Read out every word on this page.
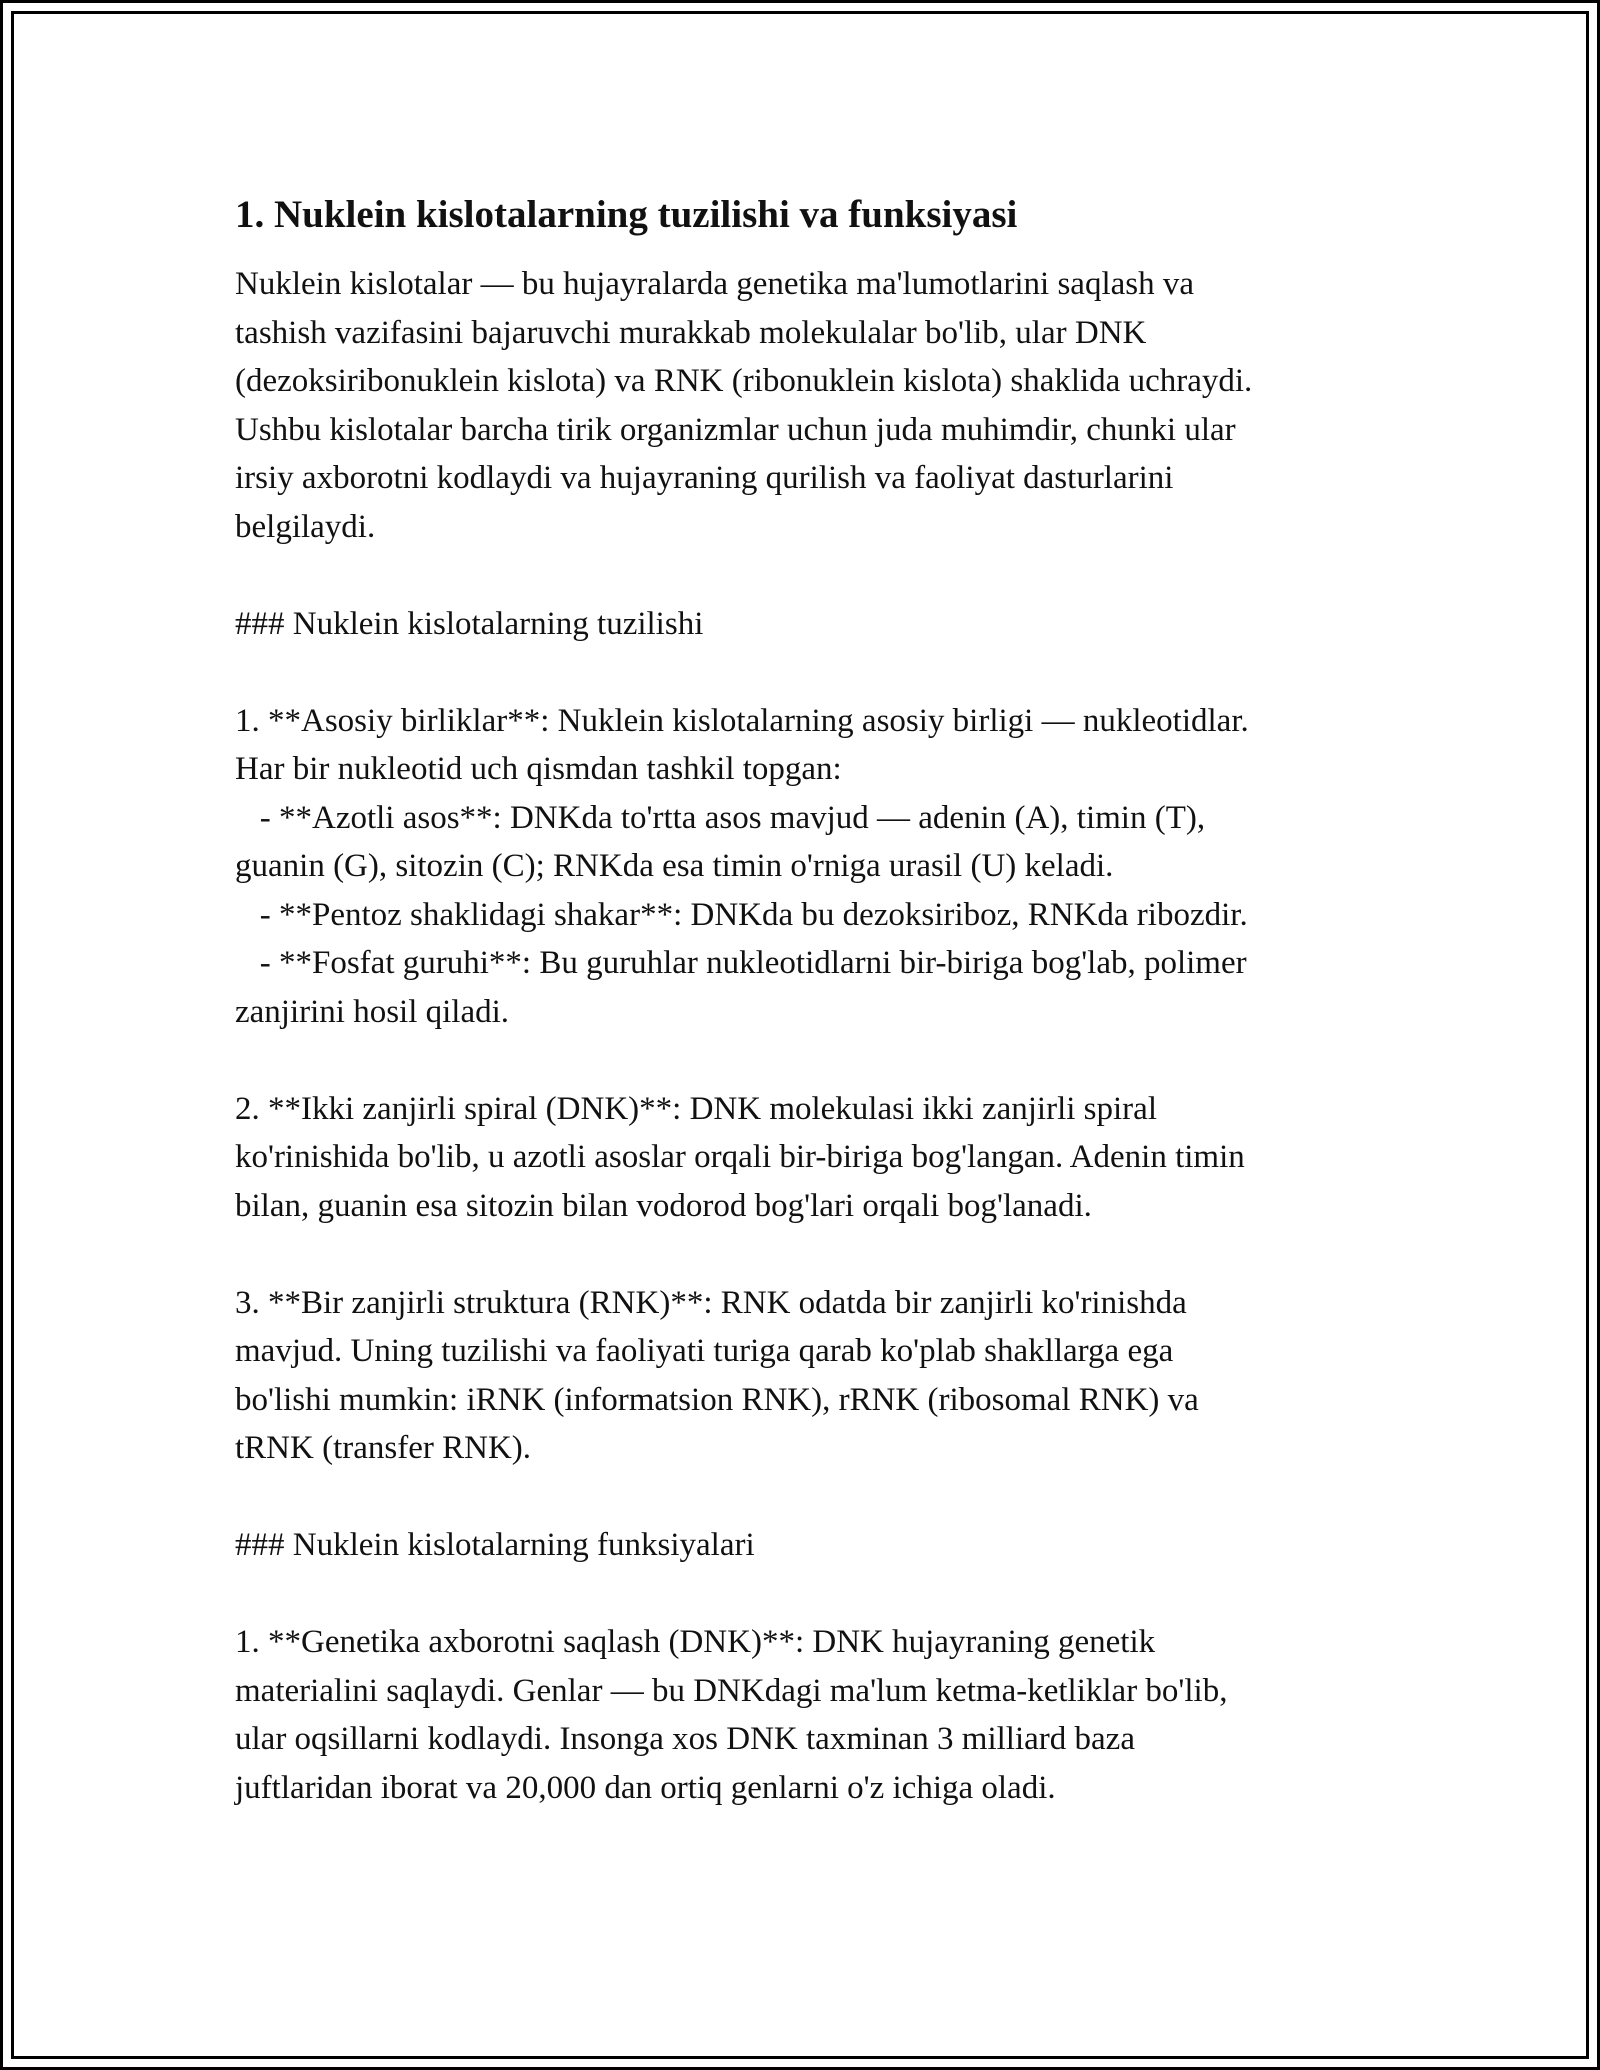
1. Nuklein kislotalarning tuzilishi va funksiyasi

Nuklein kislotalar — bu hujayralarda genetika ma'lumotlarini saqlash va
tashish vazifasini bajaruvchi murakkab molekulalar bo'lib, ular DNK
(dezoksiribonuklein kislota) va RNK (ribonuklein kislota) shaklida uchraydi.
Ushbu kislotalar barcha tirik organizmlar uchun juda muhimdir, chunki ular
irsiy axborotni kodlaydi va hujayraning qurilish va faoliyat dasturlarini
belgilaydi.

### Nuklein kislotalarning tuzilishi

1. **Asosiy birliklar**: Nuklein kislotalarning asosiy birligi — nukleotidlar.
Har bir nukleotid uch qismdan tashkil topgan:
- **Azotli asos**: DNKda to'rtta asos mavjud — adenin (A), timin (T),
guanin (G), sitozin (C); RNKda esa timin o'rniga urasil (U) keladi.
- **Pentoz shaklidagi shakar**: DNKda bu dezoksiriboz, RNKda ribozdir.
- **Fosfat guruhi**: Bu guruhlar nukleotidlarni bir-biriga bog'lab, polimer
zanjirini hosil qiladi.

2. **Ikki zanjirli spiral (DNK)**: DNK molekulasi ikki zanjirli spiral
ko'rinishida bo'lib, u azotli asoslar orqali bir-biriga bog'langan. Adenin timin
bilan, guanin esa sitozin bilan vodorod bog'lari orqali bog'lanadi.

3. **Bir zanjirli struktura (RNK)**: RNK odatda bir zanjirli ko'rinishda
mavjud. Uning tuzilishi va faoliyati turiga qarab ko'plab shakllarga ega
bo'lishi mumkin: iRNK (informatsion RNK), rRNK (ribosomal RNK) va
tRNK (transfer RNK).

### Nuklein kislotalarning funksiyalari

1. **Genetika axborotni saqlash (DNK)**: DNK hujayraning genetik
materialini saqlaydi. Genlar — bu DNKdagi ma'lum ketma-ketliklar bo'lib,
ular oqsillarni kodlaydi. Insonga xos DNK taxminan 3 milliard baza
juftlaridan iborat va 20,000 dan ortiq genlarni o'z ichiga oladi.
